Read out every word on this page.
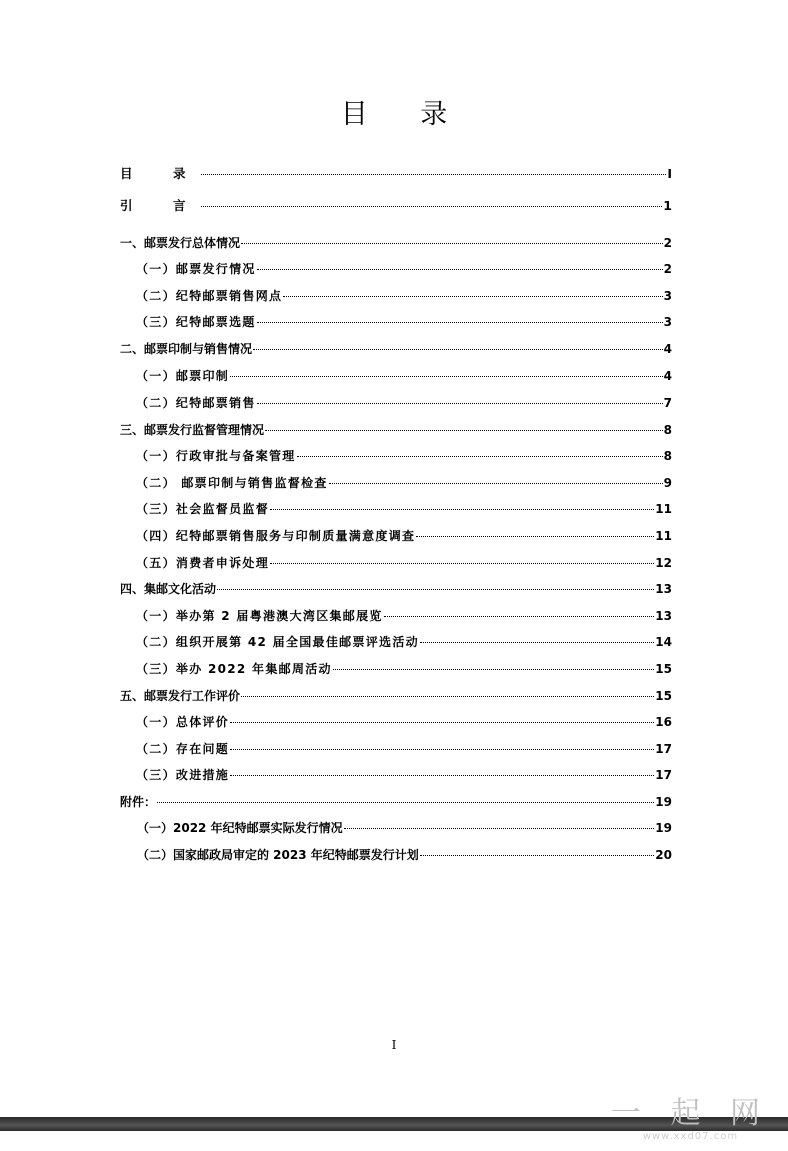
目 录
目　录	I
引　言	1
一、邮票发行总体情况	2
（一）邮票发行情况	2
（二）纪特邮票销售网点	3
（三）纪特邮票选题	3
二、邮票印制与销售情况	4
（一）邮票印制	4
（二）纪特邮票销售	7
三、邮票发行监督管理情况	8
（一）行政审批与备案管理	8
（二） 邮票印制与销售监督检查	9
（三）社会监督员监督	11
（四）纪特邮票销售服务与印制质量满意度调查	11
（五）消费者申诉处理	12
四、集邮文化活动	13
（一）举办第 2 届粤港澳大湾区集邮展览	13
（二）组织开展第 42 届全国最佳邮票评选活动	14
（三）举办 2022 年集邮周活动	15
五、邮票发行工作评价	15
（一）总体评价	16
（二）存在问题	17
（三）改进措施	17
附件：	19
（一）2022 年纪特邮票实际发行情况	19
（二）国家邮政局审定的 2023 年纪特邮票发行计划	20
I
一 起 网
www.xxd07.com
